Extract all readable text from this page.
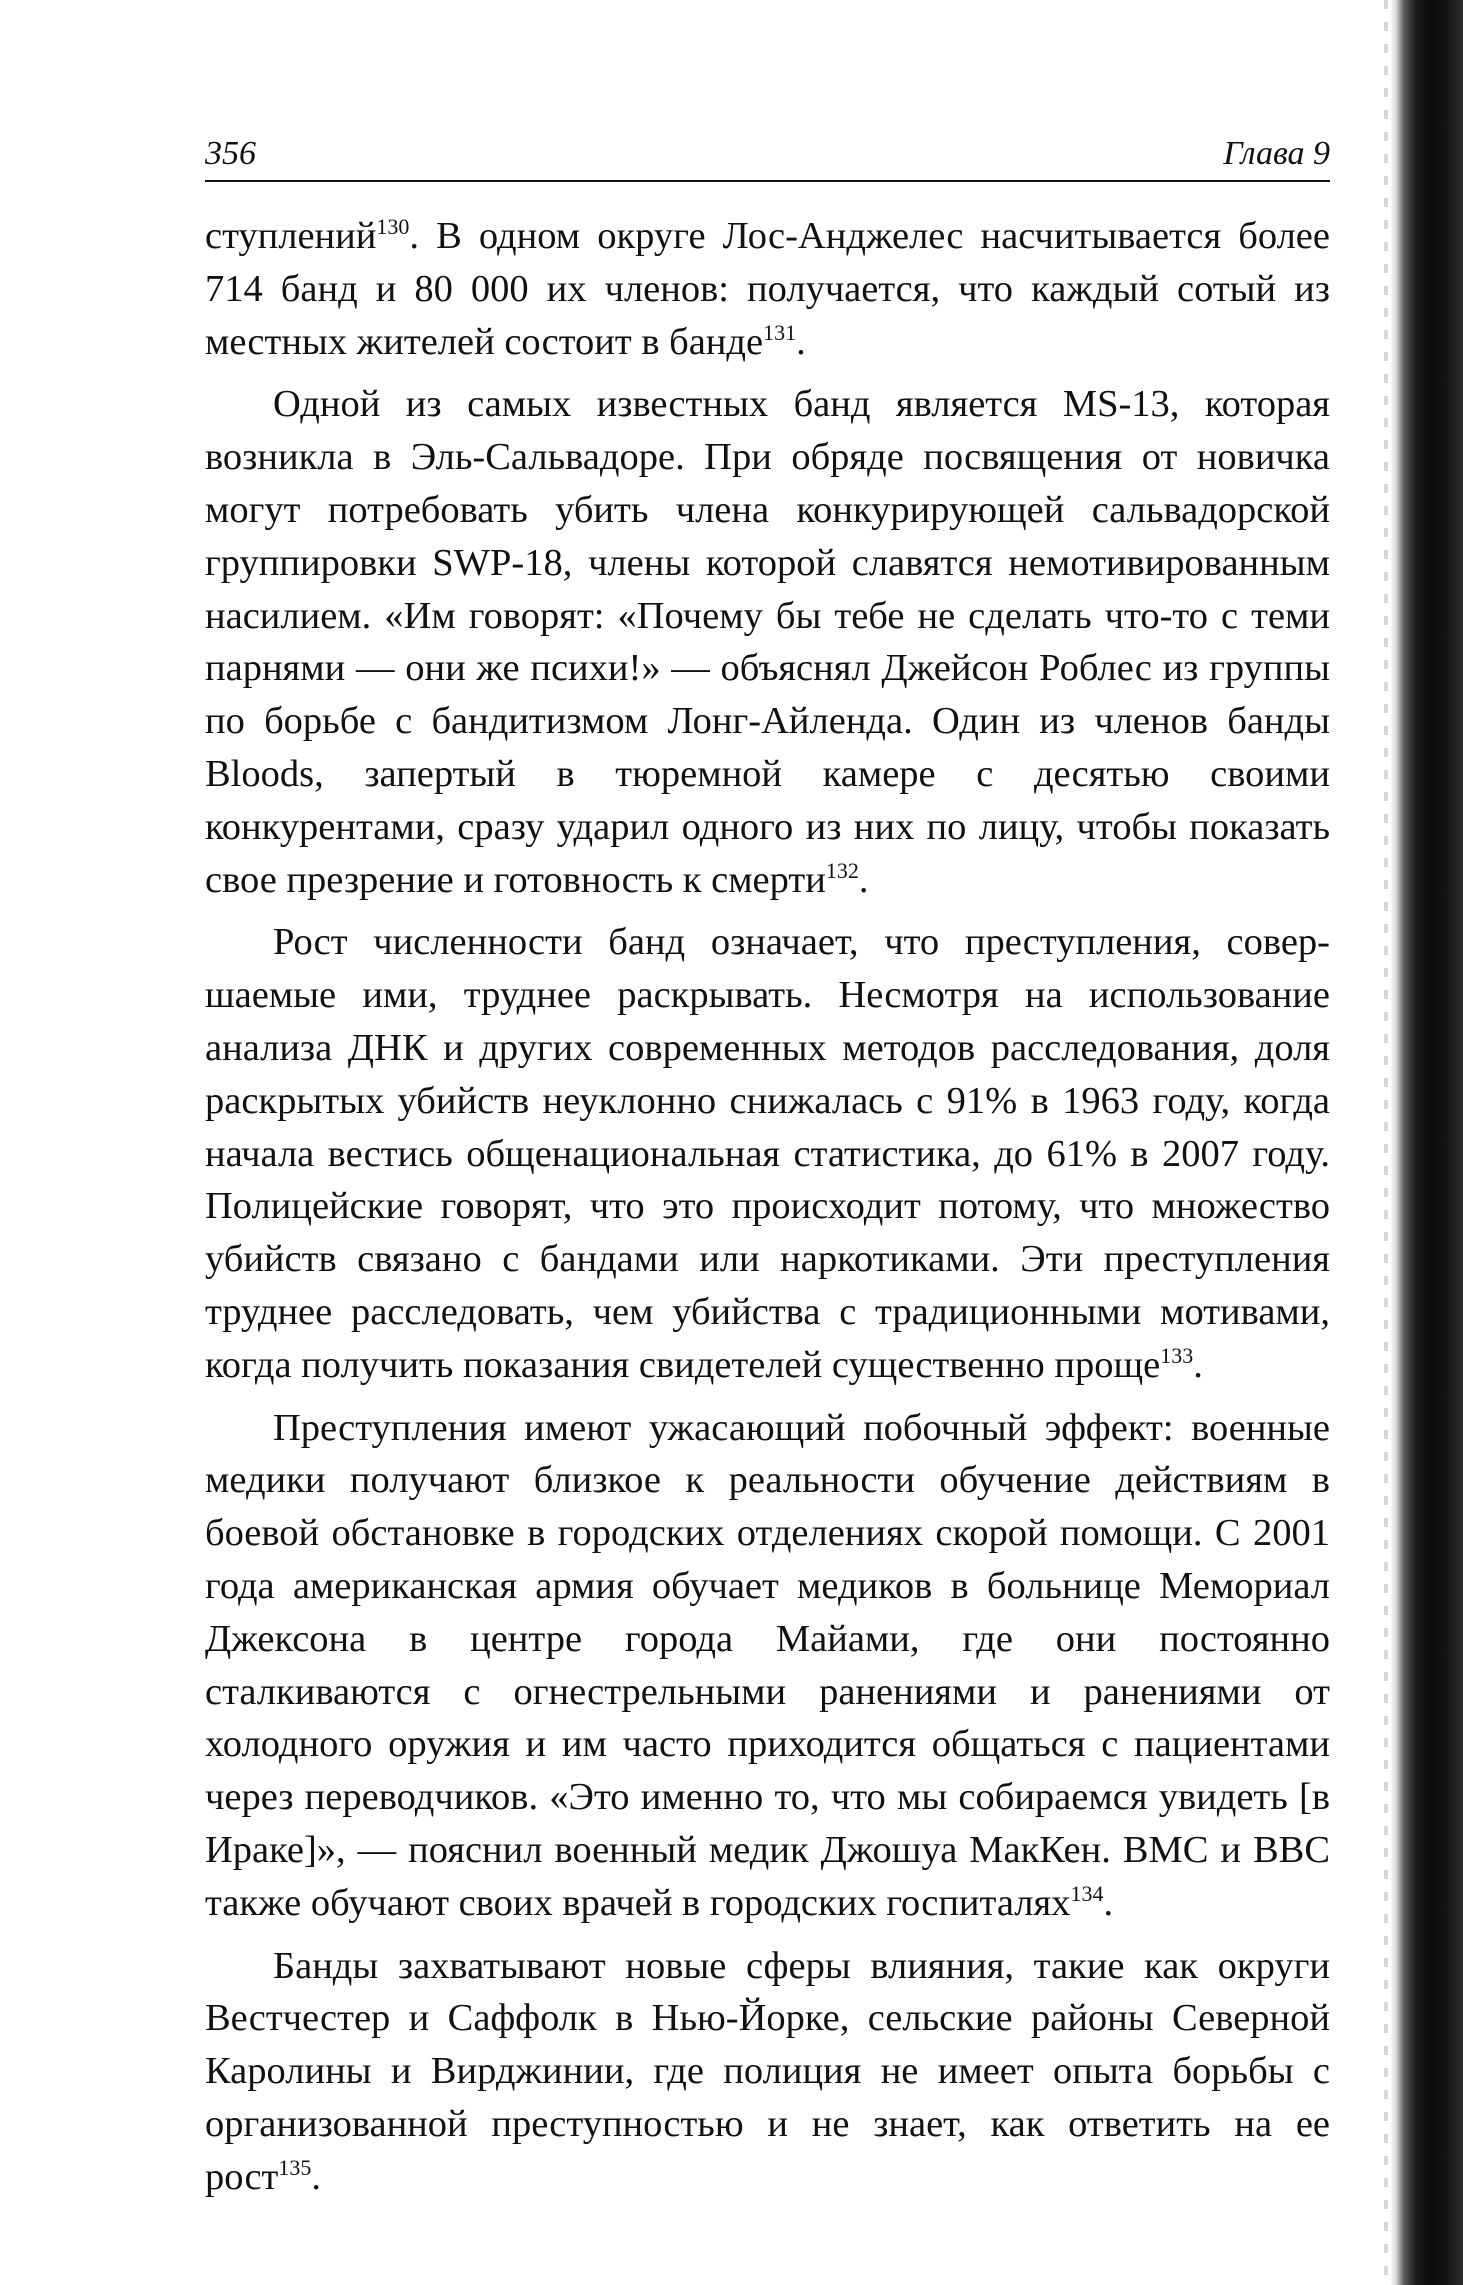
356	Глава 9

ступлений$^{130}$. В одном округе Лос-Анджелес насчитывается более 714 банд и 80 000 их членов: получается, что каждый сотый из местных жителей состоит в банде$^{131}$.

Одной из самых известных банд является MS-13, которая возникла в Эль-Сальвадоре. При обряде посвящения от новичка могут потребовать убить члена конкурирующей сальвадорской группировки SWP-18, члены которой славятся немотивированным насилием. «Им говорят: «Почему бы тебе не сделать что-то с теми парнями — они же психи!» — объяснял Джейсон Роблес из группы по борьбе с бандитизмом Лонг-Айленда. Один из членов банды Bloods, запертый в тюремной камере с десятью своими конкурентами, сразу ударил одного из них по лицу, чтобы показать свое презрение и готовность к смерти$^{132}$.

Рост численности банд означает, что преступления, совершаемые ими, труднее раскрывать. Несмотря на использование анализа ДНК и других современных методов расследования, доля раскрытых убийств неуклонно снижалась с 91% в 1963 году, когда начала вестись общенациональная статистика, до 61% в 2007 году. Полицейские говорят, что это происходит потому, что множество убийств связано с бандами или наркотиками. Эти преступления труднее расследовать, чем убийства с традиционными мотивами, когда получить показания свидетелей существенно проще$^{133}$.

Преступления имеют ужасающий побочный эффект: военные медики получают близкое к реальности обучение действиям в боевой обстановке в городских отделениях скорой помощи. С 2001 года американская армия обучает медиков в больнице Мемориал Джексона в центре города Майами, где они постоянно сталкиваются с огнестрельными ранениями и ранениями от холодного оружия и им часто приходится общаться с пациентами через переводчиков. «Это именно то, что мы собираемся увидеть [в Ираке]», — пояснил военный медик Джошуа МакКен. ВМС и ВВС также обучают своих врачей в городских госпиталях$^{134}$.

Банды захватывают новые сферы влияния, такие как округи Вестчестер и Саффолк в Нью-Йорке, сельские районы Северной Каролины и Вирджинии, где полиция не имеет опыта борьбы с организованной преступностью и не знает, как ответить на ее рост$^{135}$.
